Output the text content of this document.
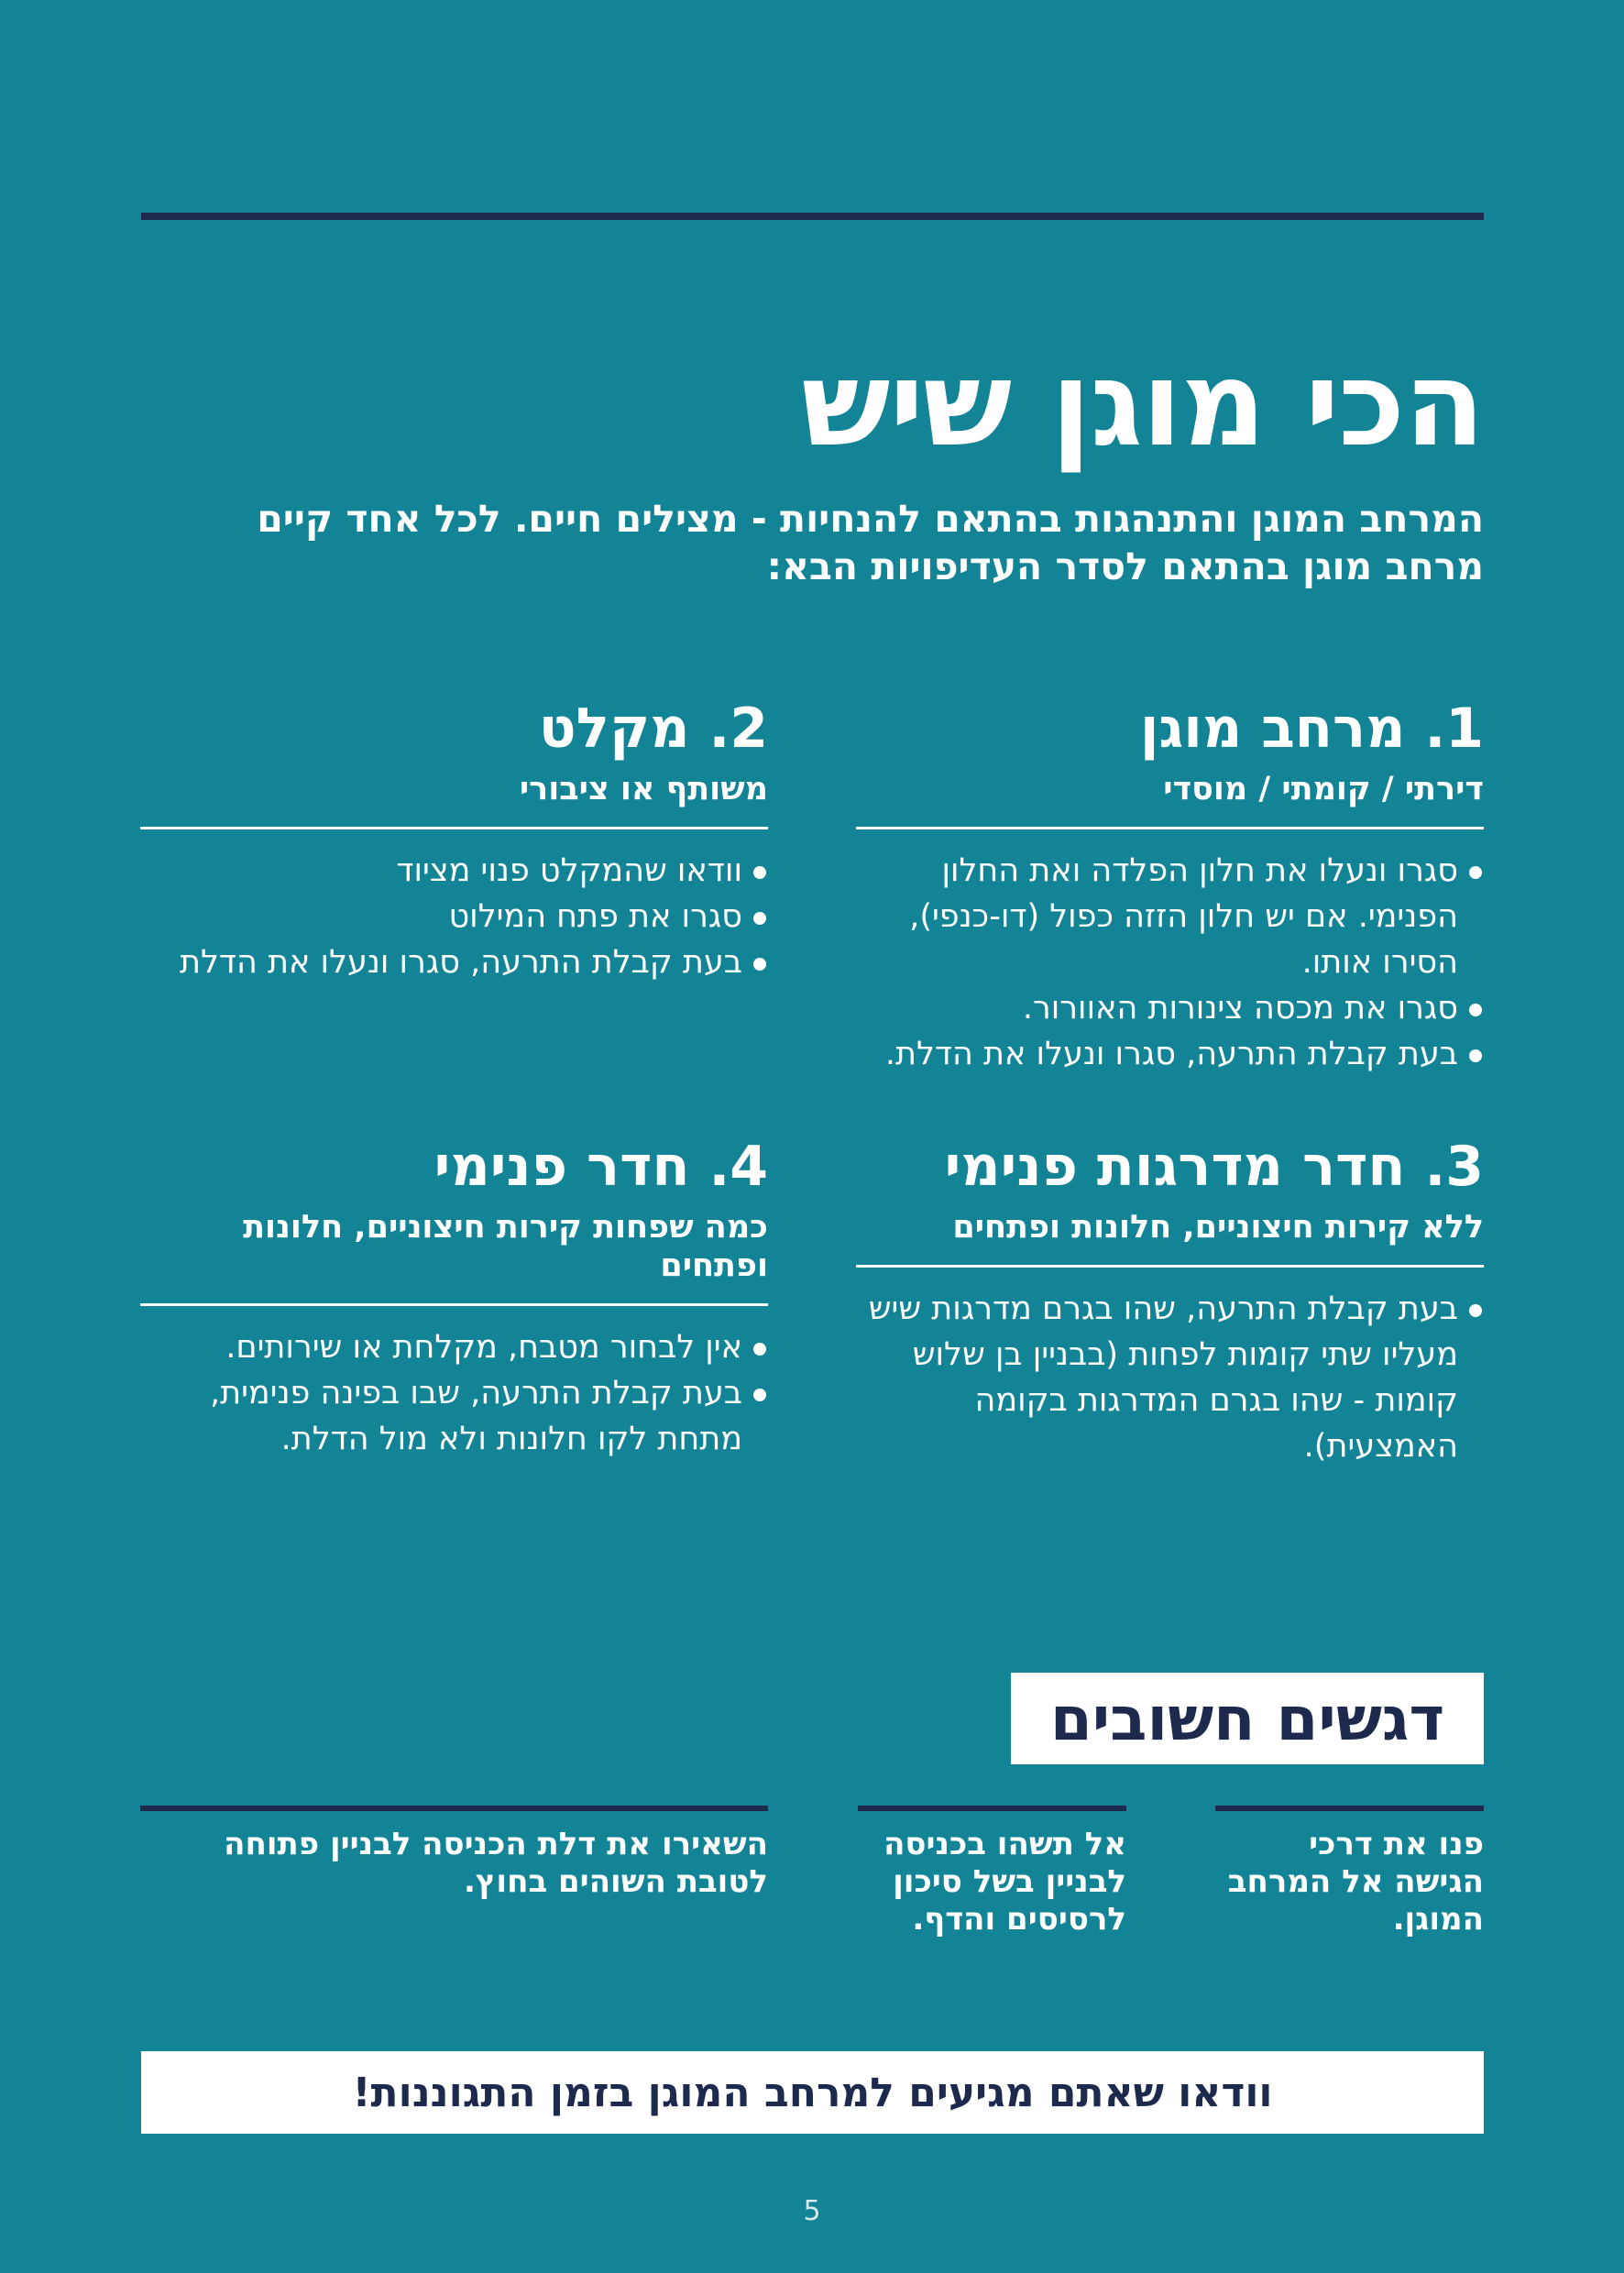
הכי מוגן שיש
המרחב המוגן והתנהגות בהתאם להנחיות - מצילים חיים. לכל אחד קיים מרחב מוגן בהתאם לסדר העדיפויות הבא:
1. מרחב מוגן
דירתי / קומתי / מוסדי
סגרו ונעלו את חלון הפלדה ואת החלון הפנימי. אם יש חלון הזזה כפול (דו-כנפי), הסירו אותו.
סגרו את מכסה צינורות האוורור.
בעת קבלת התרעה, סגרו ונעלו את הדלת.
2. מקלט
משותף או ציבורי
וודאו שהמקלט פנוי מציוד
סגרו את פתח המילוט
בעת קבלת התרעה, סגרו ונעלו את הדלת
3. חדר מדרגות פנימי
ללא קירות חיצוניים, חלונות ופתחים
בעת קבלת התרעה, שהו בגרם מדרגות שיש מעליו שתי קומות לפחות (בבניין בן שלוש קומות - שהו בגרם המדרגות בקומה האמצעית).
4. חדר פנימי
כמה שפחות קירות חיצוניים, חלונות ופתחים
אין לבחור מטבח, מקלחת או שירותים.
בעת קבלת התרעה, שבו בפינה פנימית, מתחת לקו חלונות ולא מול הדלת.
דגשים חשובים
פנו את דרכי הגישה אל המרחב המוגן.
אל תשהו בכניסה לבניין בשל סיכון לרסיסים והדף.
השאירו את דלת הכניסה לבניין פתוחה לטובת השוהים בחוץ.
וודאו שאתם מגיעים למרחב המוגן בזמן התגוננות!
5
